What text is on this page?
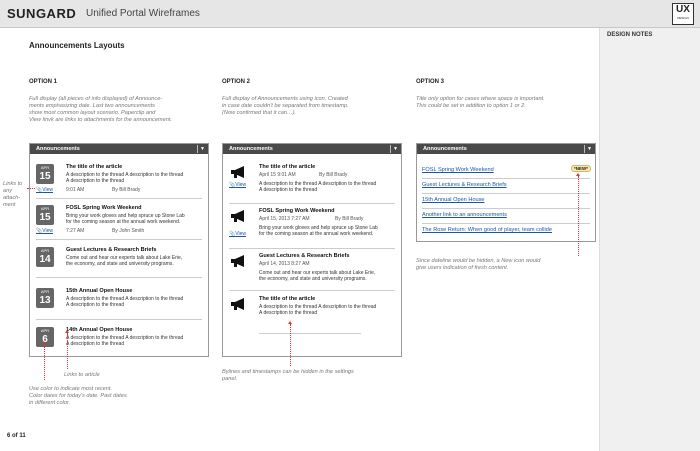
SUNGARD Unified Portal Wireframes	UX
DESIGN
DESIGN NOTES
Announcements Layouts
OPTION 1
Full display (all pieces of info displayed) of Announce-
ments emphasizing date. Last two announcements
show most common layout scenario. Paperclip and
View linvk are links to attachments for the announcement.
Announcements	▼
APR
15
The title of the article
A description to the thread A description to the thread
A description to the thread
📎View	9:01 AM	By Bill Brady
APR
15
FOSL Spring Work Weekend
Bring your work gloves and help spruce up Stone Lab
for the coming season at the annual work weekend.
📎View	7:27 AM	By John Smith
APR
14
Guest Lectures & Research Briefs
Come out and hear our experts talk about Lake Erie,
the economy, and state and university programs.
APR
13
15th Annual Open House
A description to the thread A description to the thread
A description to the thread
APR
6
14th Annual Open House
A description to the thread A description to the thread
A description to the thread
Links to
any
attach-
ment
Links to article
Use color to indicate most recent.
Color dates for today's date. Past dates
in different color.
OPTION 2
Full display of Announcements using icon. Created
in case date couldn't be separated from timestamp.
(Now confirmed that it can…).
Announcements	▼
The title of the article
April 15 9:01 AM	By Bill Brady
A description to the thread A description to the thread
A description to the thread
📎View
FOSL Spring Work Weekend
April 15, 2013 7:27 AM	By Bill Brady
Bring your work gloves and help spruce up Stone Lab
for the coming season at the annual work weekend.
📎View
Guest Lectures & Research Briefs
April 14, 2013 8:27 AM
Come out and hear our experts talk about Lake Erie,
the economy, and state and university programs.
The title of the article
A description to the thread A description to the thread
A description to the thread
Bylines and timestamps can be hidden in the settings
panel.
OPTION 3
Title only option for cases where space is important.
This could be set in addition to option 1 or 2.
Announcements	▼
FOSL Spring Work Weekend	*NEW*
Guest Lectures & Research Briefs
15th Annual Open House
Another link to an announcements
The Rose Return: When good of player, team collide
Since dateline would be hidden, a New icon would
give users indication of fresh content.
6 of 11
